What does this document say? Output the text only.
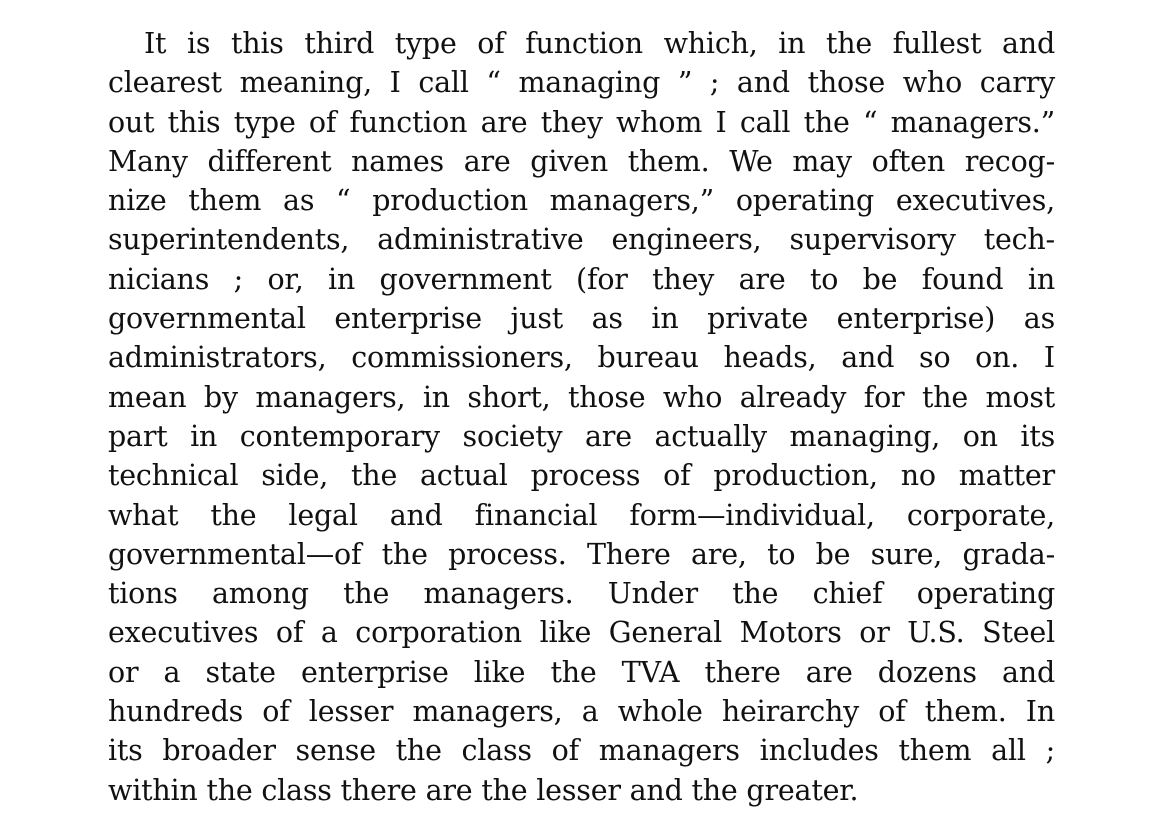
It is this third type of function which, in the fullest and
clearest meaning, I call “ managing ” ; and those who carry
out this type of function are they whom I call the “ managers.”
Many different names are given them. We may often recog-
nize them as “ production managers,” operating executives,
superintendents, administrative engineers, supervisory tech-
nicians ; or, in government (for they are to be found in
governmental enterprise just as in private enterprise) as
administrators, commissioners, bureau heads, and so on. I
mean by managers, in short, those who already for the most
part in contemporary society are actually managing, on its
technical side, the actual process of production, no matter
what the legal and financial form—individual, corporate,
governmental—of the process. There are, to be sure, grada-
tions among the managers. Under the chief operating
executives of a corporation like General Motors or U.S. Steel
or a state enterprise like the TVA there are dozens and
hundreds of lesser managers, a whole heirarchy of them. In
its broader sense the class of managers includes them all ;
within the class there are the lesser and the greater.
